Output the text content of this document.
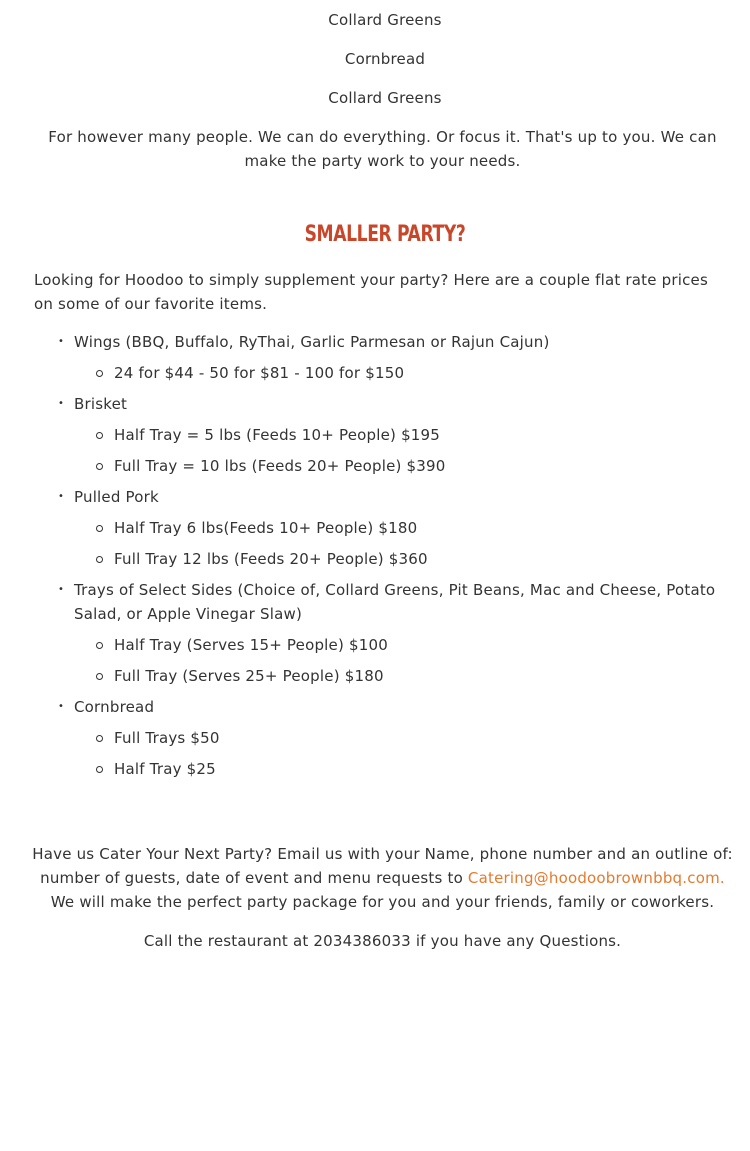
Collard Greens

Cornbread

Collard Greens

For however many people. We can do everything. Or focus it. That's up to you. We can make the party work to your needs.

SMALLER PARTY?

Looking for Hoodoo to simply supplement your party? Here are a couple flat rate prices on some of our favorite items.

• Wings (BBQ, Buffalo, RyThai, Garlic Parmesan or Rajun Cajun)
24 for $44 - 50 for $81 - 100 for $150
• Brisket
Half Tray = 5 lbs (Feeds 10+ People) $195
Full Tray = 10 lbs (Feeds 20+ People) $390
• Pulled Pork
Half Tray 6 lbs(Feeds 10+ People) $180
Full Tray 12 lbs (Feeds 20+ People) $360
• Trays of Select Sides (Choice of, Collard Greens, Pit Beans, Mac and Cheese, Potato Salad, or Apple Vinegar Slaw)
Half Tray (Serves 15+ People) $100
Full Tray (Serves 25+ People) $180
• Cornbread
Full Trays $50
Half Tray $25

Have us Cater Your Next Party? Email us with your Name, phone number and an outline of: number of guests, date of event and menu requests to Catering@hoodoobrownbbq.com. We will make the perfect party package for you and your friends, family or coworkers.

Call the restaurant at 2034386033 if you have any Questions.
